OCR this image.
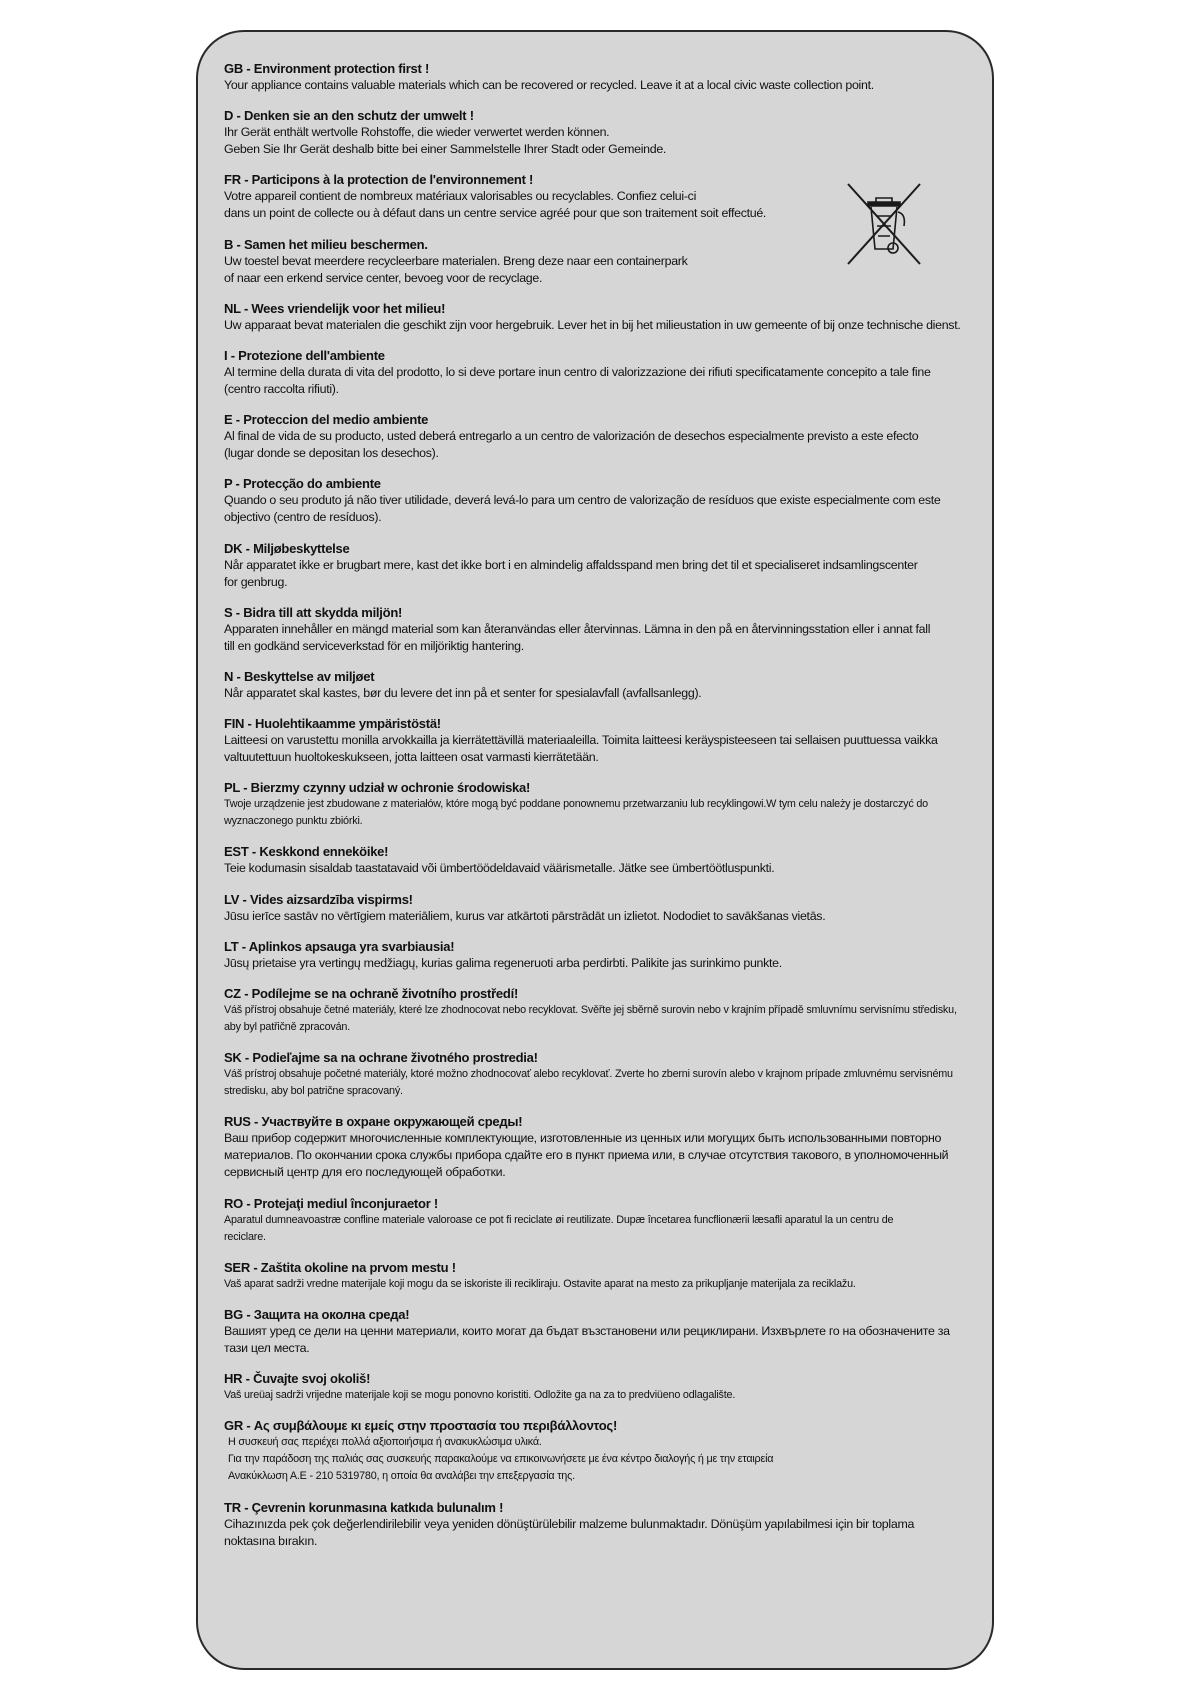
GB - Environment protection first !

Your appliance contains valuable materials which can be recovered or recycled. Leave it at a local civic waste collection point.

D - Denken sie an den schutz der umwelt !

Ihr Gerät enthält wertvolle Rohstoffe, die wieder verwertet werden können.
Geben Sie Ihr Gerät deshalb bitte bei einer Sammelstelle Ihrer Stadt oder Gemeinde.

FR - Participons à la protection de l'environnement !

Votre appareil contient de nombreux matériaux valorisables ou recyclables. Confiez celui-ci
dans un point de collecte ou à défaut dans un centre service agréé pour que son traitement soit effectué.

B - Samen het milieu beschermen.

Uw toestel bevat meerdere recycleerbare materialen. Breng deze naar een containerpark
of naar een erkend service center, bevoeg voor de recyclage.

NL - Wees vriendelijk voor het milieu!

Uw apparaat bevat materialen die geschikt zijn voor hergebruik. Lever het in bij het milieustation in uw gemeente of bij onze technische dienst.

I - Protezione dell'ambiente

Al termine della durata di vita del prodotto, lo si deve portare inun centro di valorizzazione dei rifiuti specificatamente concepito a tale fine
(centro raccolta rifiuti).

E - Proteccion del medio ambiente

Al final de vida de su producto, usted deberá entregarlo a un centro de valorización de desechos especialmente previsto a este efecto
(lugar donde se depositan los desechos).

P - Protecção do ambiente

Quando o seu produto já não tiver utilidade, deverá levá-lo para um centro de valorização de resíduos que existe especialmente com este
objectivo (centro de resíduos).

DK - Miljøbeskyttelse

Når apparatet ikke er brugbart mere, kast det ikke bort i en almindelig affaldsspand men bring det til et specialiseret indsamlingscenter
for genbrug.

S - Bidra till att skydda miljön!

Apparaten innehåller en mängd material som kan återanvändas eller återvinnas. Lämna in den på en återvinningsstation eller i annat fall
till en godkänd serviceverkstad för en miljöriktig hantering.

N - Beskyttelse av miljøet

Når apparatet skal kastes, bør du levere det inn på et senter for spesialavfall (avfallsanlegg).

FIN - Huolehtikaamme ympäristöstä!

Laitteesi on varustettu monilla arvokkailla ja kierrätettävillä materiaaleilla. Toimita laitteesi keräyspisteeseen tai sellaisen puuttuessa vaikka
valtuutettuun huoltokeskukseen, jotta laitteen osat varmasti kierrätetään.

PL - Bierzmy czynny udział w ochronie środowiska!

Twoje urządzenie jest zbudowane z materiałów, które mogą być poddane ponownemu przetwarzaniu lub recyklingowi.W tym celu należy je dostarczyć do
wyznaczonego punktu zbiórki.

EST - Keskkond enneköike!

Teie kodumasin sisaldab taastatavaid või ümbertöödeldavaid väärismetalle. Jätke see ümbertöötluspunkti.

LV - Vides aizsardzība vispirms!

Jūsu ierīce sastāv no vērtīgiem materiāliem, kurus var atkārtoti pārstrādāt un izlietot. Nododiet to savākšanas vietās.

LT - Aplinkos apsauga yra svarbiausia!

Jūsų prietaise yra vertingų medžiagų, kurias galima regeneruoti arba perdirbti. Palikite jas surinkimo punkte.

CZ - Podílejme se na ochraně životního prostředí!

Váš přístroj obsahuje četné materiály, které lze zhodnocovat nebo recyklovat. Svěřte jej sběrně surovin nebo v krajním případě smluvnímu servisnímu středisku,
aby byl patřičně zpracován.

SK - Podieľajme sa na ochrane životného prostredia!

Váš prístroj obsahuje početné materiály, ktoré možno zhodnocovať alebo recyklovať. Zverte ho zberni surovín alebo v krajnom prípade zmluvnému servisnému
stredisku, aby bol patrične spracovaný.

RUS - Участвуйте в охране окружающей среды!

Ваш прибор содержит многочисленные комплектующие, изготовленные из ценных или могущих быть использованными повторно
материалов. По окончании срока службы прибора сдайте его в пункт приема или, в случае отсутствия такового, в уполномоченный
сервисный центр для его последующей обработки.

RO - Protejaţi mediul înconjuraetor !

Aparatul dumneavoastræ confline materiale valoroase ce pot fi reciclate øi reutilizate. Dupæ încetarea funcflionærii læsafli aparatul la un centru de
reciclare.

SER - Zaštita okoline na prvom mestu !

Vaš aparat sadrži vredne materijale koji mogu da se iskoriste ili recikliraju. Ostavite aparat na mesto za prikupljanje materijala za reciklažu.

BG - Защита на околна среда!

Вашият уред се дели на ценни материали, които могат да бъдат възстановени или рециклирани. Изхвърлете го на обозначените за
тази цел места.

HR - Čuvajte svoj okoliš!

Vaš ureüaj sadrži vrijedne materijale koji se mogu ponovno koristiti. Odložite ga na za to predviüeno odlagalište.

GR - Ας συμβάλουμε κι εμείς στην προστασία του περιβάλλοντος!

Η συσκευή σας περιέχει πολλά αξιοποιήσιμα ή ανακυκλώσιμα υλικά.
Για την παράδοση της παλιάς σας συσκευής παρακαλούμε να επικοινωνήσετε με ένα κέντρο διαλογής ή με την εταιρεία
Ανακύκλωση Α.Ε - 210 5319780, η οποία θα αναλάβει την επεξεργασία της.

TR - Çevrenin korunmasına katkıda bulunalım !

Cihazınızda pek çok değerlendirilebilir veya yeniden dönüştürülebilir malzeme bulunmaktadır. Dönüşüm yapılabilmesi için bir toplama
noktasına bırakın.
